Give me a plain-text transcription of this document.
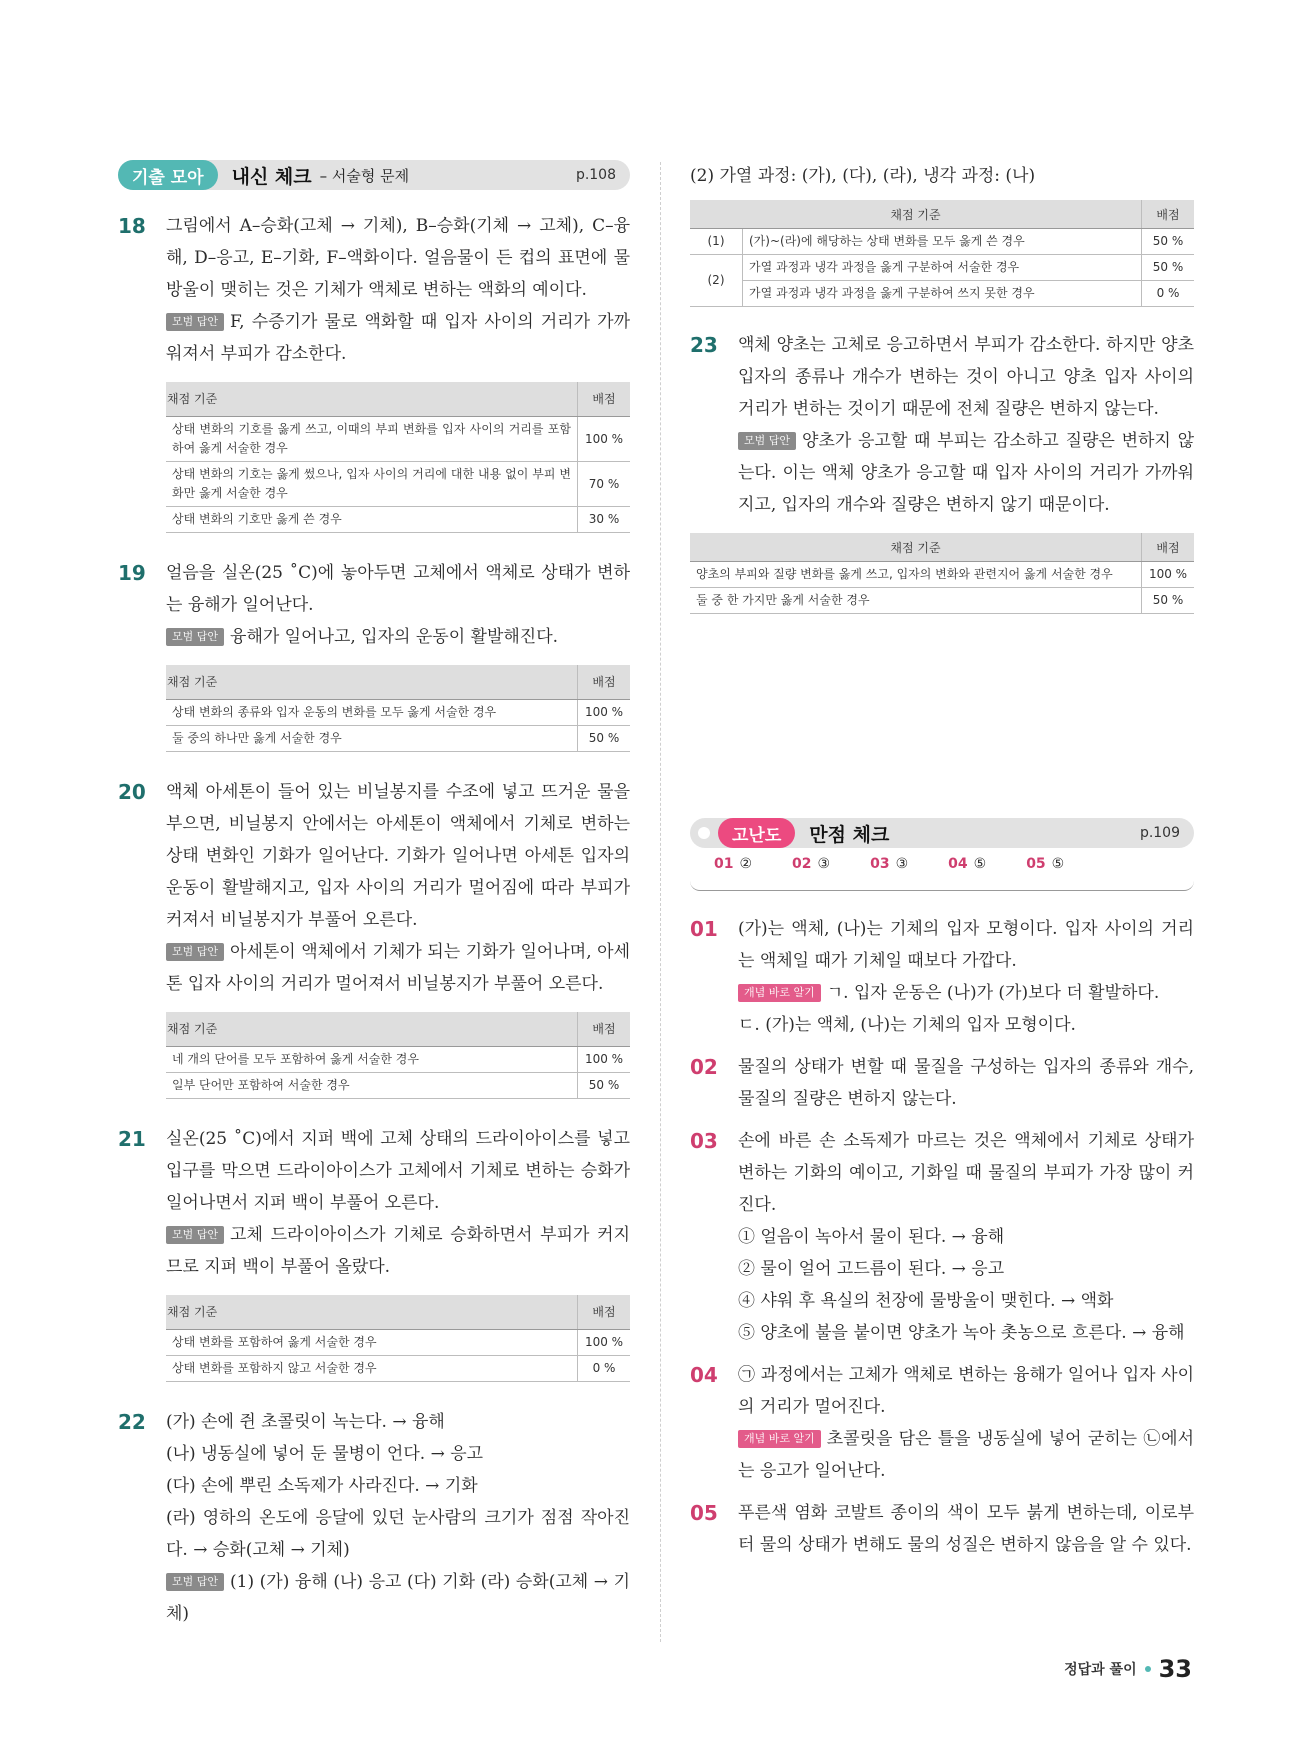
기출 모아	내신 체크 – 서술형 문제	p.108
18 그림에서 A–승화(고체 → 기체), B–승화(기체 → 고체), C–융해, D–응고, E–기화, F–액화이다. 얼음물이 든 컵의 표면에 물방울이 맺히는 것은 기체가 액체로 변하는 액화의 예이다.
모범 답안 F, 수증기가 물로 액화할 때 입자 사이의 거리가 가까워져서 부피가 감소한다.
채점 기준	배점
상태 변화의 기호를 옳게 쓰고, 이때의 부피 변화를 입자 사이의 거리를 포함하여 옳게 서술한 경우	100 %
상태 변화의 기호는 옳게 썼으나, 입자 사이의 거리에 대한 내용 없이 부피 변화만 옳게 서술한 경우	70 %
상태 변화의 기호만 옳게 쓴 경우	30 %
19 얼음을 실온(25 ˚C)에 놓아두면 고체에서 액체로 상태가 변하는 융해가 일어난다.
모범 답안 융해가 일어나고, 입자의 운동이 활발해진다.
채점 기준	배점
상태 변화의 종류와 입자 운동의 변화를 모두 옳게 서술한 경우	100 %
둘 중의 하나만 옳게 서술한 경우	50 %
20 액체 아세톤이 들어 있는 비닐봉지를 수조에 넣고 뜨거운 물을 부으면, 비닐봉지 안에서는 아세톤이 액체에서 기체로 변하는 상태 변화인 기화가 일어난다. 기화가 일어나면 아세톤 입자의 운동이 활발해지고, 입자 사이의 거리가 멀어짐에 따라 부피가 커져서 비닐봉지가 부풀어 오른다.
모범 답안 아세톤이 액체에서 기체가 되는 기화가 일어나며, 아세톤 입자 사이의 거리가 멀어져서 비닐봉지가 부풀어 오른다.
채점 기준	배점
네 개의 단어를 모두 포함하여 옳게 서술한 경우	100 %
일부 단어만 포함하여 서술한 경우	50 %
21 실온(25 ˚C)에서 지퍼 백에 고체 상태의 드라이아이스를 넣고 입구를 막으면 드라이아이스가 고체에서 기체로 변하는 승화가 일어나면서 지퍼 백이 부풀어 오른다.
모범 답안 고체 드라이아이스가 기체로 승화하면서 부피가 커지므로 지퍼 백이 부풀어 올랐다.
채점 기준	배점
상태 변화를 포함하여 옳게 서술한 경우	100 %
상태 변화를 포함하지 않고 서술한 경우	0 %
22 (가) 손에 쥔 초콜릿이 녹는다. → 융해
(나) 냉동실에 넣어 둔 물병이 언다. → 응고
(다) 손에 뿌린 소독제가 사라진다. → 기화
(라) 영하의 온도에 응달에 있던 눈사람의 크기가 점점 작아진다. → 승화(고체 → 기체)
모범 답안 (1) (가) 융해 (나) 응고 (다) 기화 (라) 승화(고체 → 기체)
(2) 가열 과정: (가), (다), (라), 냉각 과정: (나)
채점 기준		배점
(1)	(가)~(라)에 해당하는 상태 변화를 모두 옳게 쓴 경우	50 %
(2)	가열 과정과 냉각 과정을 옳게 구분하여 서술한 경우	50 %
	가열 과정과 냉각 과정을 옳게 구분하여 쓰지 못한 경우	0 %
23 액체 양초는 고체로 응고하면서 부피가 감소한다. 하지만 양초 입자의 종류나 개수가 변하는 것이 아니고 양초 입자 사이의 거리가 변하는 것이기 때문에 전체 질량은 변하지 않는다.
모범 답안 양초가 응고할 때 부피는 감소하고 질량은 변하지 않는다. 이는 액체 양초가 응고할 때 입자 사이의 거리가 가까워지고, 입자의 개수와 질량은 변하지 않기 때문이다.
채점 기준	배점
양초의 부피와 질량 변화를 옳게 쓰고, 입자의 변화와 관련지어 옳게 서술한 경우	100 %
둘 중 한 가지만 옳게 서술한 경우	50 %
고난도	만점 체크	p.109
01 ②	02 ③	03 ③	04 ⑤	05 ⑤
01 (가)는 액체, (나)는 기체의 입자 모형이다. 입자 사이의 거리는 액체일 때가 기체일 때보다 가깝다.
개념 바로 알기 ㄱ. 입자 운동은 (나)가 (가)보다 더 활발하다.
ㄷ. (가)는 액체, (나)는 기체의 입자 모형이다.
02 물질의 상태가 변할 때 물질을 구성하는 입자의 종류와 개수, 물질의 질량은 변하지 않는다.
03 손에 바른 손 소독제가 마르는 것은 액체에서 기체로 상태가 변하는 기화의 예이고, 기화일 때 물질의 부피가 가장 많이 커진다.
① 얼음이 녹아서 물이 된다. → 융해
② 물이 얼어 고드름이 된다. → 응고
④ 샤워 후 욕실의 천장에 물방울이 맺힌다. → 액화
⑤ 양초에 불을 붙이면 양초가 녹아 촛농으로 흐른다. → 융해
04 ㉠ 과정에서는 고체가 액체로 변하는 융해가 일어나 입자 사이의 거리가 멀어진다.
개념 바로 알기 초콜릿을 담은 틀을 냉동실에 넣어 굳히는 ㉡에서는 응고가 일어난다.
05 푸른색 염화 코발트 종이의 색이 모두 붉게 변하는데, 이로부터 물의 상태가 변해도 물의 성질은 변하지 않음을 알 수 있다.
정답과 풀이 33
